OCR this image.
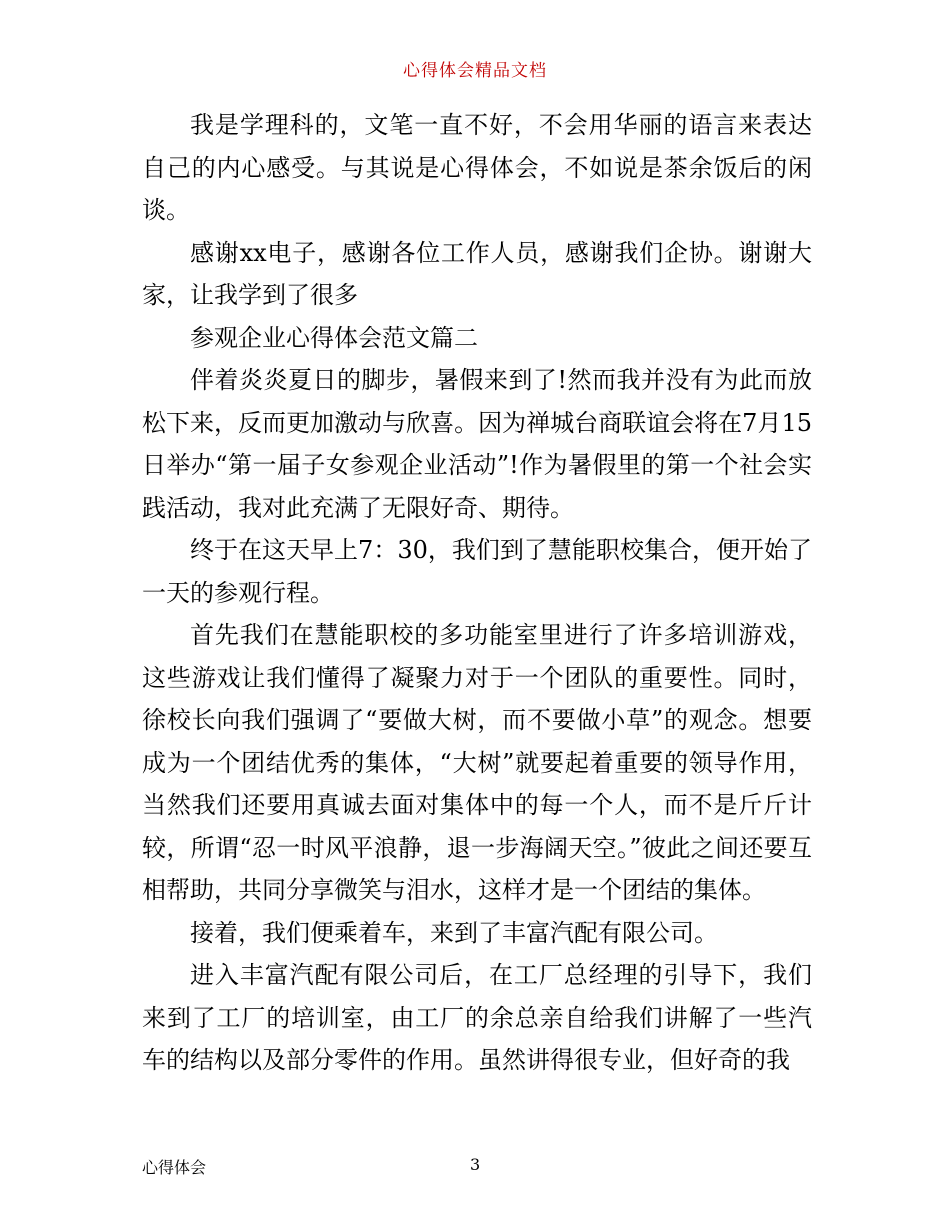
心得体会精品文档

我是学理科的，文笔一直不好，不会用华丽的语言来表达自己的内心感受。与其说是心得体会，不如说是茶余饭后的闲谈。

感谢xx电子，感谢各位工作人员，感谢我们企协。谢谢大家，让我学到了很多

参观企业心得体会范文篇二

伴着炎炎夏日的脚步，暑假来到了!然而我并没有为此而放松下来，反而更加激动与欣喜。因为禅城台商联谊会将在7月15日举办“第一届子女参观企业活动”!作为暑假里的第一个社会实践活动，我对此充满了无限好奇、期待。

终于在这天早上7：30，我们到了慧能职校集合，便开始了一天的参观行程。

首先我们在慧能职校的多功能室里进行了许多培训游戏，这些游戏让我们懂得了凝聚力对于一个团队的重要性。同时，徐校长向我们强调了“要做大树，而不要做小草”的观念。想要成为一个团结优秀的集体，“大树”就要起着重要的领导作用，当然我们还要用真诚去面对集体中的每一个人，而不是斤斤计较，所谓“忍一时风平浪静，退一步海阔天空。”彼此之间还要互相帮助，共同分享微笑与泪水，这样才是一个团结的集体。

接着，我们便乘着车，来到了丰富汽配有限公司。

进入丰富汽配有限公司后，在工厂总经理的引导下，我们来到了工厂的培训室，由工厂的余总亲自给我们讲解了一些汽车的结构以及部分零件的作用。虽然讲得很专业，但好奇的我

心得体会	3
